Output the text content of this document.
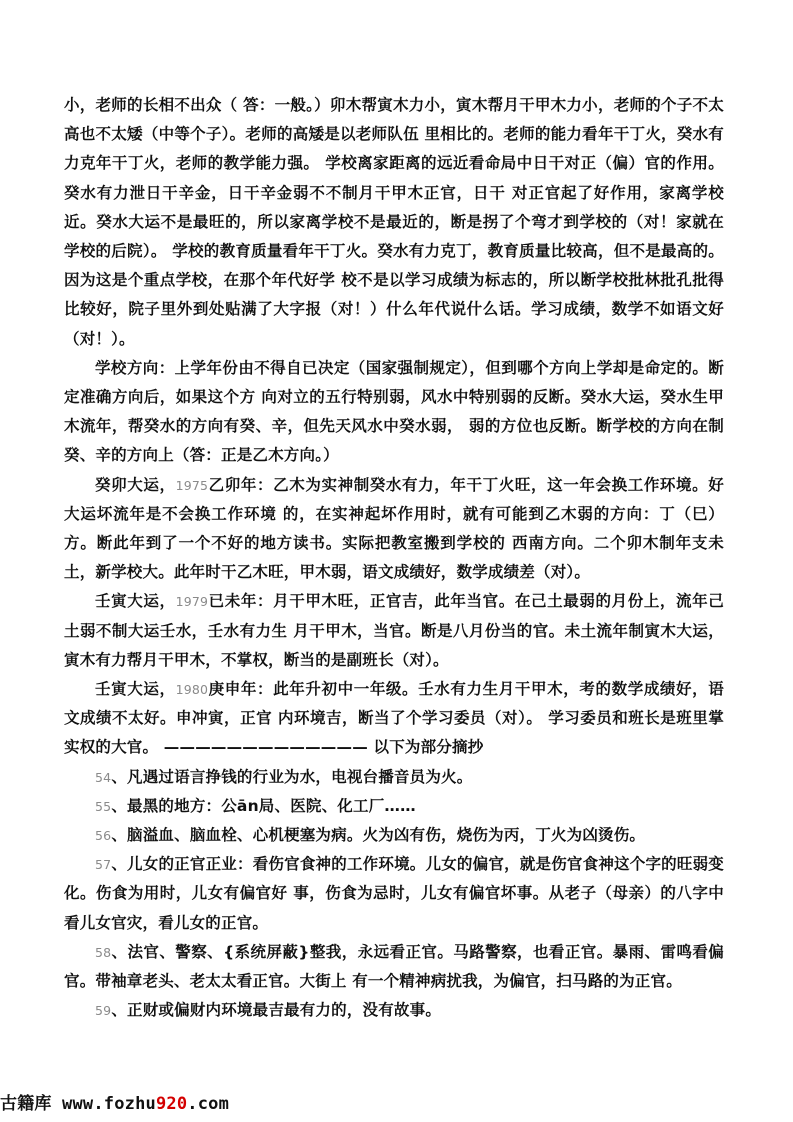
小，老师的长相不出众（ 答：一般。）卯木帮寅木力小，寅木帮月干甲木力小，老师的个子不太高也不太矮（中等个子）。老师的高矮是以老师队伍 里相比的。老师的能力看年干丁火，癸水有力克年干丁火，老师的教学能力强。 学校离家距离的远近看命局中日干对正（偏）官的作用。癸水有力泄日干辛金，日干辛金弱不不制月干甲木正官，日干 对正官起了好作用，家离学校近。癸水大运不是最旺的，所以家离学校不是最近的，断是拐了个弯才到学校的（对！家就在 学校的后院）。 学校的教育质量看年干丁火。癸水有力克丁，教育质量比较高，但不是最高的。因为这是个重点学校，在那个年代好学 校不是以学习成绩为标志的，所以断学校批林批孔批得比较好，院子里外到处贴满了大字报（对！）什么年代说什么话。学习成绩，数学不如语文好（对！）。

学校方向：上学年份由不得自已决定（国家强制规定），但到哪个方向上学却是命定的。断定准确方向后，如果这个方 向对立的五行特别弱，风水中特别弱的反断。癸水大运，癸水生甲木流年，帮癸水的方向有癸、辛，但先天风水中癸水弱， 弱的方位也反断。断学校的方向在制癸、辛的方向上（答：正是乙木方向。）

癸卯大运，1975乙卯年：乙木为实神制癸水有力，年干丁火旺，这一年会换工作环境。好大运坏流年是不会换工作环境 的，在实神起坏作用时，就有可能到乙木弱的方向：丁（巳）方。断此年到了一个不好的地方读书。实际把教室搬到学校的 西南方向。二个卯木制年支未土，新学校大。此年时干乙木旺，甲木弱，语文成绩好，数学成绩差（对）。

壬寅大运，1979已未年：月干甲木旺，正官吉，此年当官。在己土最弱的月份上，流年己土弱不制大运壬水，壬水有力生 月干甲木，当官。断是八月份当的官。未土流年制寅木大运，寅木有力帮月干甲木，不掌权，断当的是副班长（对）。

壬寅大运，1980庚申年：此年升初中一年级。壬水有力生月干甲木，考的数学成绩好，语文成绩不太好。申冲寅，正官 内环境吉，断当了个学习委员（对）。 学习委员和班长是班里掌实权的大官。 ————————————— 以下为部分摘抄

54、凡遇过语言挣钱的行业为水，电视台播音员为火。

55、最黑的地方：公ān局、医院、化工厂……

56、脑溢血、脑血栓、心机梗塞为病。火为凶有伤，烧伤为丙，丁火为凶烫伤。

57、儿女的正官正业：看伤官食神的工作环境。儿女的偏官，就是伤官食神这个字的旺弱变化。伤食为用时，儿女有偏官好 事，伤食为忌时，儿女有偏官坏事。从老子（母亲）的八字中看儿女官灾，看儿女的正官。

58、法官、警察、{系统屏蔽}整我，永远看正官。马路警察，也看正官。暴雨、雷鸣看偏官。带袖章老头、老太太看正官。大街上 有一个精神病扰我，为偏官，扫马路的为正官。

59、正财或偏财内环境最吉最有力的，没有故事。

古籍库 www.fozhu920.com
